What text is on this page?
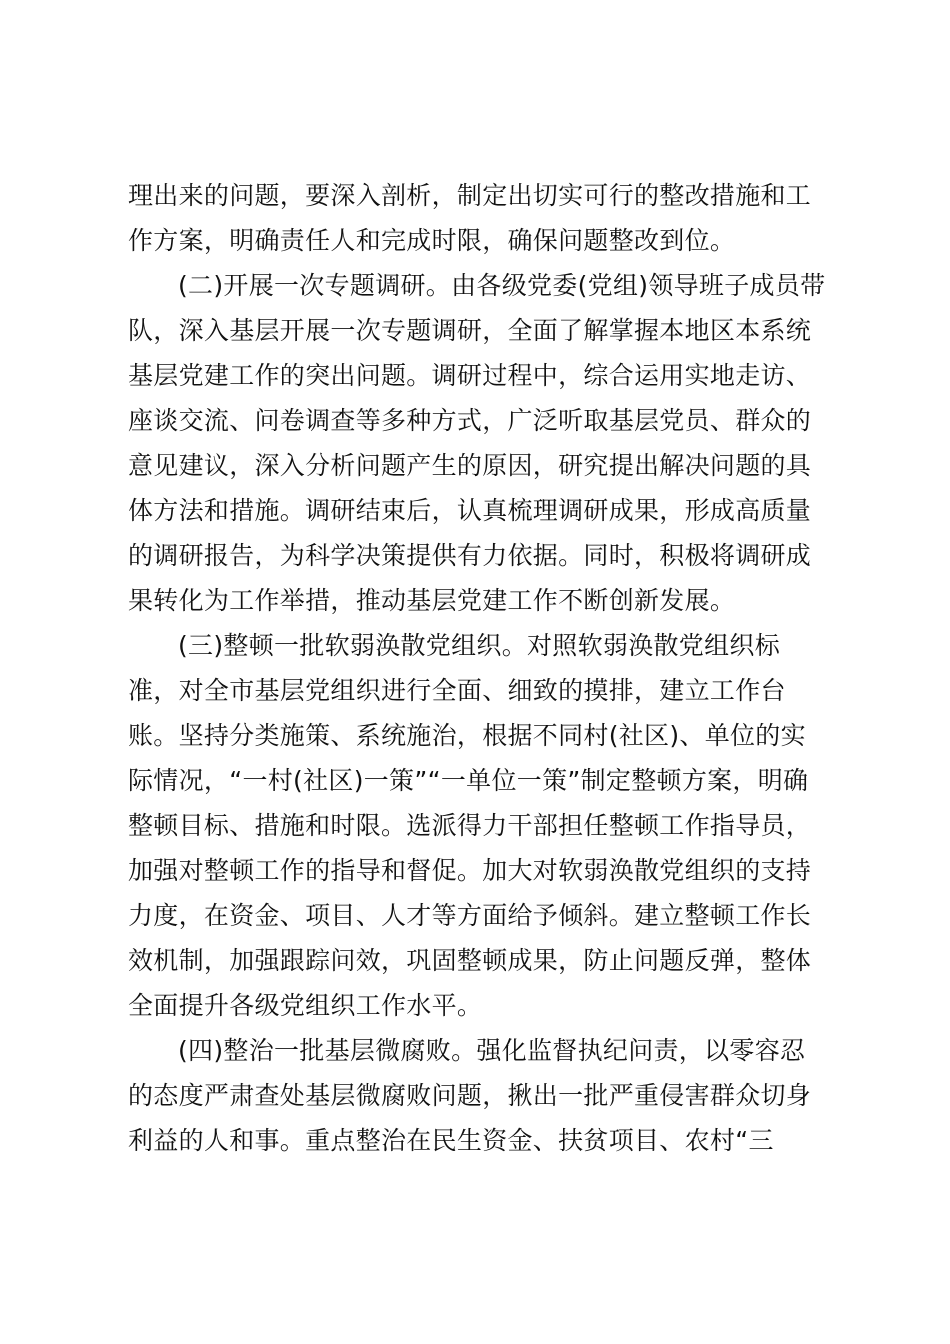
理出来的问题，要深入剖析，制定出切实可行的整改措施和工
作方案，明确责任人和完成时限，确保问题整改到位。
(二)开展一次专题调研。由各级党委(党组)领导班子成员带
队，深入基层开展一次专题调研，全面了解掌握本地区本系统
基层党建工作的突出问题。调研过程中，综合运用实地走访、
座谈交流、问卷调查等多种方式，广泛听取基层党员、群众的
意见建议，深入分析问题产生的原因，研究提出解决问题的具
体方法和措施。调研结束后，认真梳理调研成果，形成高质量
的调研报告，为科学决策提供有力依据。同时，积极将调研成
果转化为工作举措，推动基层党建工作不断创新发展。
(三)整顿一批软弱涣散党组织。对照软弱涣散党组织标
准，对全市基层党组织进行全面、细致的摸排，建立工作台
账。坚持分类施策、系统施治，根据不同村(社区)、单位的实
际情况，“一村(社区)一策”“一单位一策”制定整顿方案，明确
整顿目标、措施和时限。选派得力干部担任整顿工作指导员，
加强对整顿工作的指导和督促。加大对软弱涣散党组织的支持
力度，在资金、项目、人才等方面给予倾斜。建立整顿工作长
效机制，加强跟踪问效，巩固整顿成果，防止问题反弹，整体
全面提升各级党组织工作水平。
(四)整治一批基层微腐败。强化监督执纪问责，以零容忍
的态度严肃查处基层微腐败问题，揪出一批严重侵害群众切身
利益的人和事。重点整治在民生资金、扶贫项目、农村“三
